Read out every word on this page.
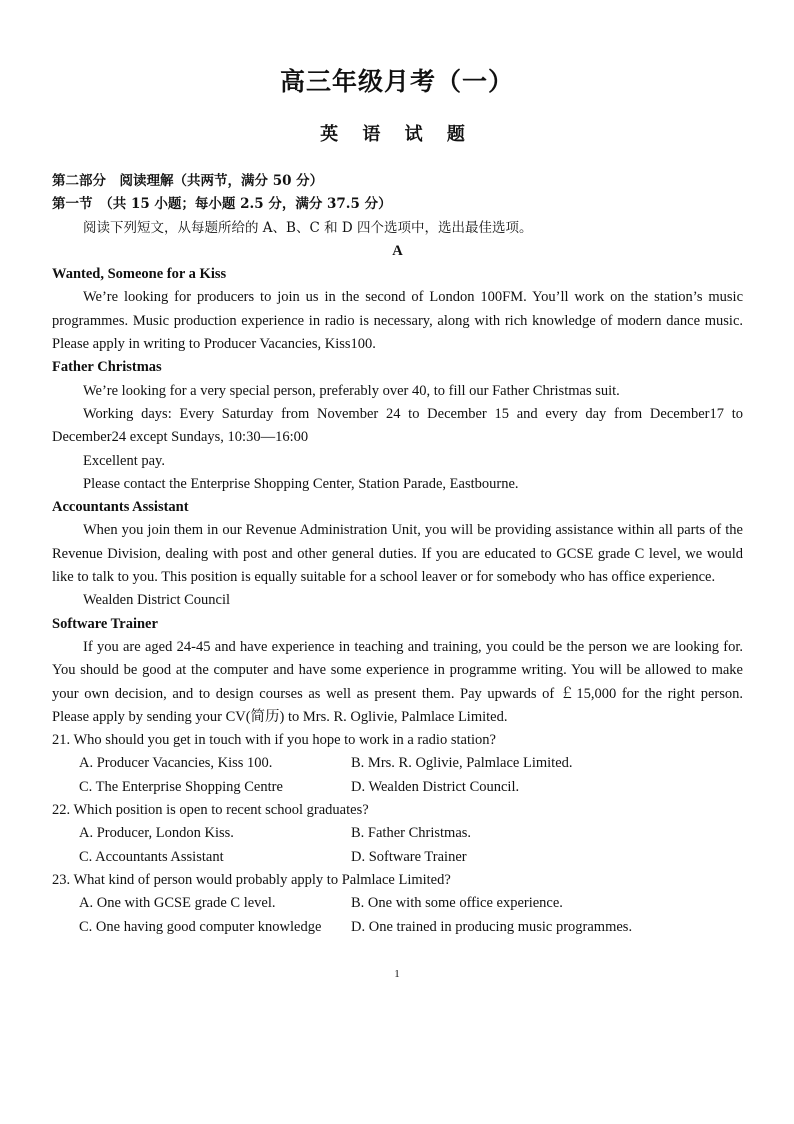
高三年级月考（一）
英 语 试 题
第二部分　阅读理解（共两节，满分 50 分）
第一节　（共 15 小题；每小题 2.5 分，满分 37.5 分）
阅读下列短文，从每题所给的 A、B、C 和 D 四个选项中，选出最佳选项。
A
Wanted, Someone for a Kiss
We’re looking for producers to join us in the second of London 100FM. You’ll work on the station’s music programmes. Music production experience in radio is necessary, along with rich knowledge of modern dance music. Please apply in writing to Producer Vacancies, Kiss100.
Father Christmas
We’re looking for a very special person, preferably over 40, to fill our Father Christmas suit.
Working days: Every Saturday from November 24 to December 15 and every day from December17 to December24 except Sundays, 10:30—16:00
Excellent pay.
Please contact the Enterprise Shopping Center, Station Parade, Eastbourne.
Accountants Assistant
When you join them in our Revenue Administration Unit, you will be providing assistance within all parts of the Revenue Division, dealing with post and other general duties. If you are educated to GCSE grade C level, we would like to talk to you. This position is equally suitable for a school leaver or for somebody who has office experience.
Wealden District Council
Software Trainer
If you are aged 24-45 and have experience in teaching and training, you could be the person we are looking for. You should be good at the computer and have some experience in programme writing. You will be allowed to make your own decision, and to design courses as well as present them. Pay upwards of ￡15,000 for the right person. Please apply by sending your CV(简历) to Mrs. R. Oglivie, Palmlace Limited.
21. Who should you get in touch with if you hope to work in a radio station?
A. Producer Vacancies, Kiss 100.	B. Mrs. R. Oglivie, Palmlace Limited.
C. The Enterprise Shopping Centre	D. Wealden District Council.
22. Which position is open to recent school graduates?
A. Producer, London Kiss.	B. Father Christmas.
C. Accountants Assistant	D. Software Trainer
23. What kind of person would probably apply to Palmlace Limited?
A. One with GCSE grade C level.	B. One with some office experience.
C. One having good computer knowledge	D. One trained in producing music programmes.
1
